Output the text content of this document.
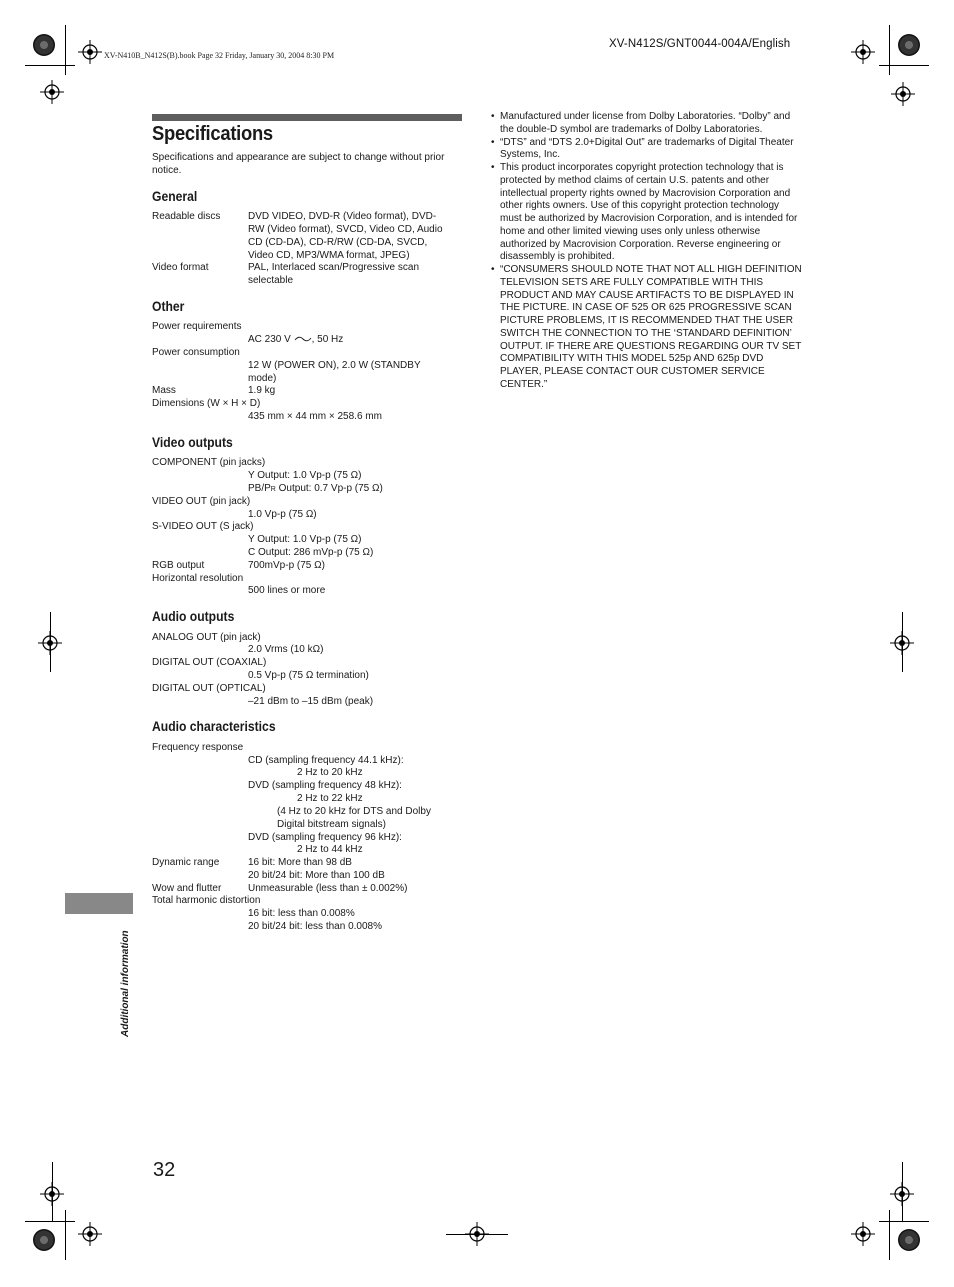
XV-N410B_N412S(B).book Page 32 Friday, January 30, 2004 8:30 PM
XV-N412S/GNT0044-004A/English
Specifications
Specifications and appearance are subject to change without prior notice.
General
Readable discs	DVD VIDEO, DVD-R (Video format), DVD-
RW (Video format), SVCD, Video CD, Audio
CD (CD-DA), CD-R/RW (CD-DA, SVCD,
Video CD, MP3/WMA format, JPEG)
Video format	PAL, Interlaced scan/Progressive scan
selectable
Other
Power requirements
AC 230 V , 50 Hz
Power consumption
12 W (POWER ON), 2.0 W (STANDBY
mode)
Mass	1.9 kg
Dimensions (W × H × D)
435 mm × 44 mm × 258.6 mm
Video outputs
COMPONENT (pin jacks)
Y Output: 1.0 Vp-p (75 Ω)
PB/PR Output: 0.7 Vp-p (75 Ω)
VIDEO OUT (pin jack)
1.0 Vp-p (75 Ω)
S-VIDEO OUT (S jack)
Y Output: 1.0 Vp-p (75 Ω)
C Output: 286 mVp-p (75 Ω)
RGB output	700mVp-p (75 Ω)
Horizontal resolution
500 lines or more
Audio outputs
ANALOG OUT (pin jack)
2.0 Vrms (10 kΩ)
DIGITAL OUT (COAXIAL)
0.5 Vp-p (75 Ω termination)
DIGITAL OUT (OPTICAL)
–21 dBm to –15 dBm (peak)
Audio characteristics
Frequency response
CD (sampling frequency 44.1 kHz):
2 Hz to 20 kHz
DVD (sampling frequency 48 kHz):
2 Hz to 22 kHz
(4 Hz to 20 kHz for DTS and Dolby
Digital bitstream signals)
DVD (sampling frequency 96 kHz):
2 Hz to 44 kHz
Dynamic range	16 bit: More than 98 dB
20 bit/24 bit: More than 100 dB
Wow and flutter	Unmeasurable (less than ± 0.002%)
Total harmonic distortion
16 bit: less than 0.008%
20 bit/24 bit: less than 0.008%
• Manufactured under license from Dolby Laboratories. “Dolby” and the double-D symbol are trademarks of Dolby Laboratories.
• “DTS” and “DTS 2.0+Digital Out” are trademarks of Digital Theater Systems, Inc.
• This product incorporates copyright protection technology that is protected by method claims of certain U.S. patents and other intellectual property rights owned by Macrovision Corporation and other rights owners. Use of this copyright protection technology must be authorized by Macrovision Corporation, and is intended for home and other limited viewing uses only unless otherwise authorized by Macrovision Corporation. Reverse engineering or disassembly is prohibited.
• “CONSUMERS SHOULD NOTE THAT NOT ALL HIGH DEFINITION TELEVISION SETS ARE FULLY COMPATIBLE WITH THIS PRODUCT AND MAY CAUSE ARTIFACTS TO BE DISPLAYED IN THE PICTURE. IN CASE OF 525 OR 625 PROGRESSIVE SCAN PICTURE PROBLEMS, IT IS RECOMMENDED THAT THE USER SWITCH THE CONNECTION TO THE ‘STANDARD DEFINITION’ OUTPUT. IF THERE ARE QUESTIONS REGARDING OUR TV SET COMPATIBILITY WITH THIS MODEL 525p AND 625p DVD PLAYER, PLEASE CONTACT OUR CUSTOMER SERVICE CENTER.”
Additional information
32
